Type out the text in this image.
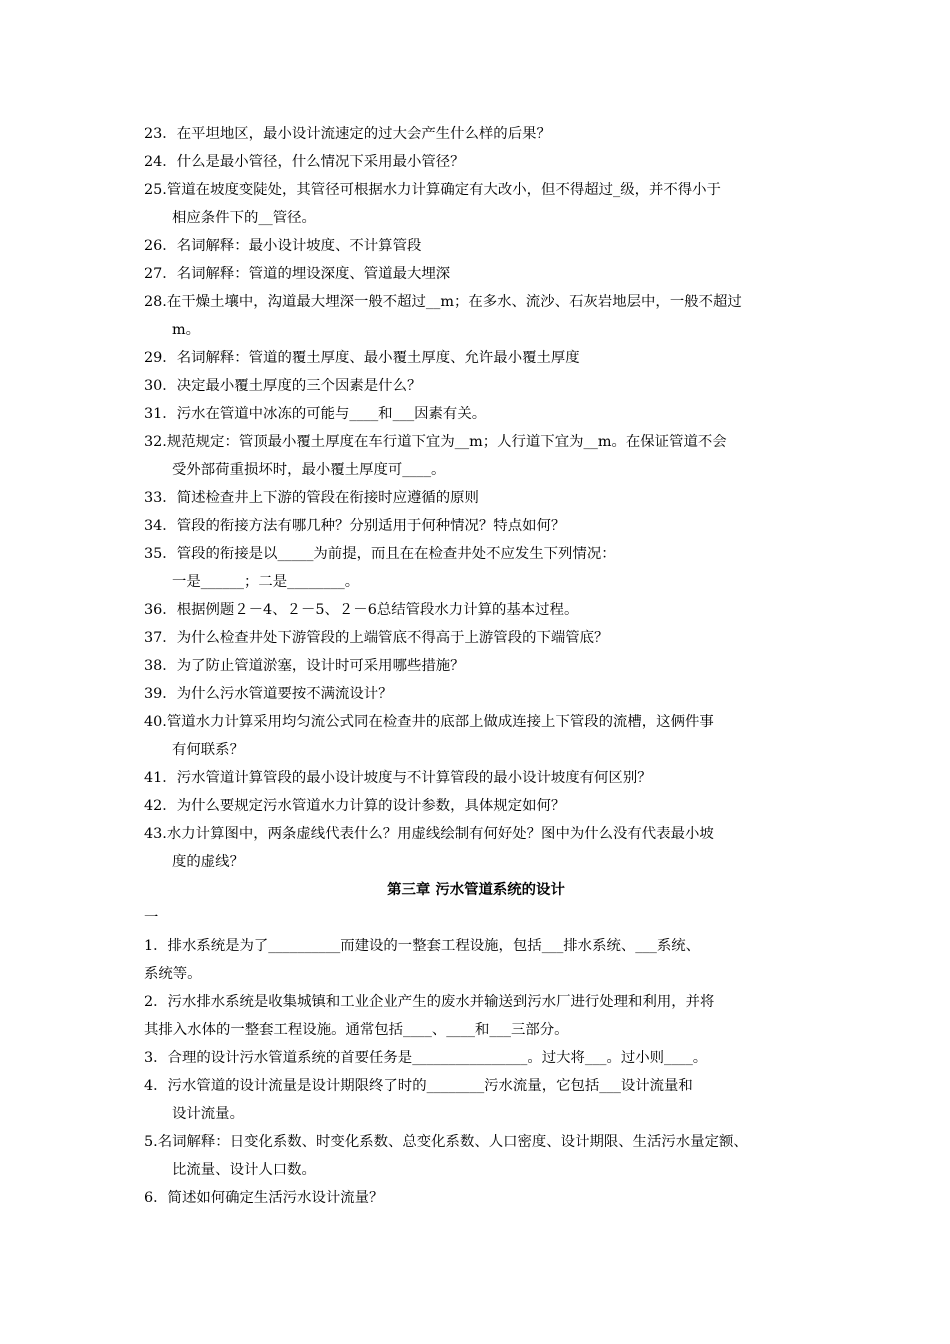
23． 在平坦地区，最小设计流速定的过大会产生什么样的后果？
24． 什么是最小管径，什么情况下采用最小管径？
25. 管道在坡度变陡处，其管径可根据水力计算确定有大改小，但不得超过_级，并不得小于
相应条件下的__管径。
26． 名词解释：最小设计坡度、不计算管段
27． 名词解释：管道的埋设深度、管道最大埋深
28. 在干燥土壤中，沟道最大埋深一般不超过__m；在多水、流沙、石灰岩地层中，一般不超过
m。
29． 名词解释：管道的覆土厚度、最小覆土厚度、允许最小覆土厚度
30． 决定最小覆土厚度的三个因素是什么？
31． 污水在管道中冰冻的可能与____和___因素有关。
32. 规范规定：管顶最小覆土厚度在车行道下宜为__m；人行道下宜为__m。在保证管道不会
受外部荷重损坏时，最小覆土厚度可____。
33． 简述检查井上下游的管段在衔接时应遵循的原则
34． 管段的衔接方法有哪几种？分别适用于何种情况？特点如何？
35． 管段的衔接是以_____为前提，而且在在检查井处不应发生下列情况：
一是______；二是________。
36． 根据例题２－4、２－5、２－6总结管段水力计算的基本过程。
37． 为什么检查井处下游管段的上端管底不得高于上游管段的下端管底？
38． 为了防止管道淤塞，设计时可采用哪些措施？
39． 为什么污水管道要按不满流设计？
40. 管道水力计算采用均匀流公式同在检查井的底部上做成连接上下管段的流槽，这俩件事
有何联系？
41． 污水管道计算管段的最小设计坡度与不计算管段的最小设计坡度有何区别？
42． 为什么要规定污水管道水力计算的设计参数，具体规定如何？
43. 水力计算图中，两条虚线代表什么？用虚线绘制有何好处？图中为什么没有代表最小坡
度的虚线？
第三章 污水管道系统的设计
一
1． 排水系统是为了__________而建设的一整套工程设施，包括___排水系统、___系统、
系统等。
2． 污水排水系统是收集城镇和工业企业产生的废水并输送到污水厂进行处理和利用，并将
其排入水体的一整套工程设施。通常包括____、____和___三部分。
3． 合理的设计污水管道系统的首要任务是________________。过大将___。过小则____。
4． 污水管道的设计流量是设计期限终了时的________污水流量，它包括___设计流量和
设计流量。
5. 名词解释：日变化系数、时变化系数、总变化系数、人口密度、设计期限、生活污水量定额、
比流量、设计人口数。
6． 简述如何确定生活污水设计流量？
